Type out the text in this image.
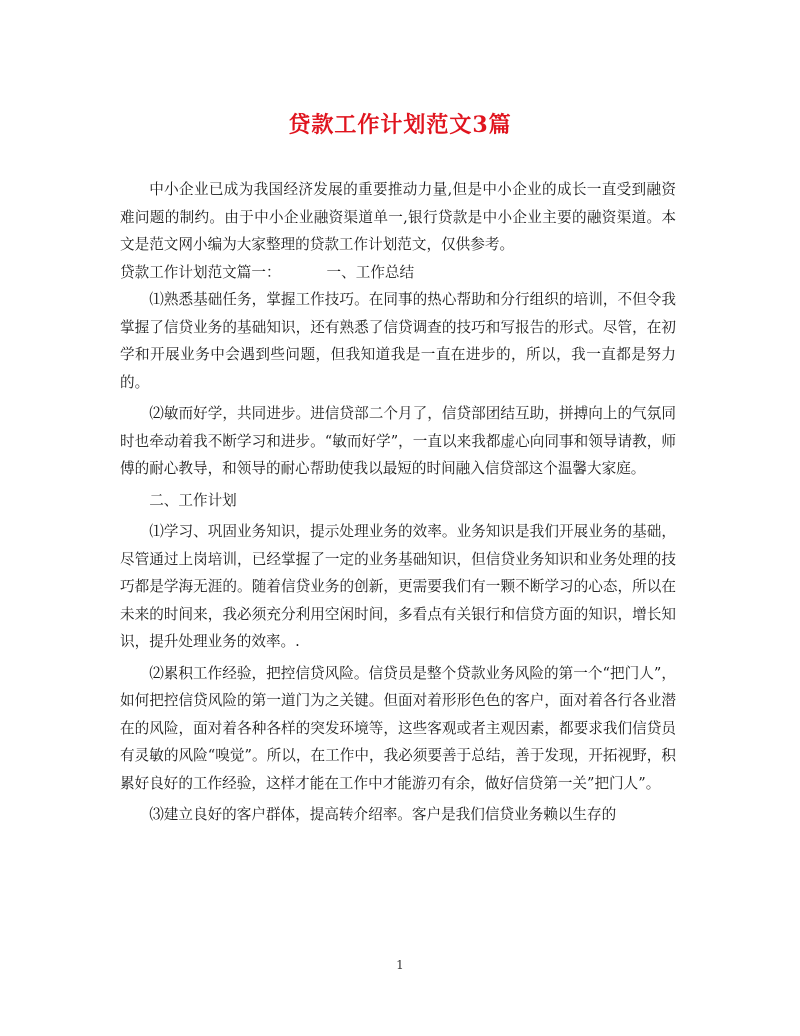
贷款工作计划范文3篇

中小企业已成为我国经济发展的重要推动力量,但是中小企业的成长一直受到融资难问题的制约。由于中小企业融资渠道单一,银行贷款是中小企业主要的融资渠道。本文是范文网小编为大家整理的贷款工作计划范文，仅供参考。

贷款工作计划范文篇一：	一、工作总结

⑴熟悉基础任务，掌握工作技巧。在同事的热心帮助和分行组织的培训，不但令我掌握了信贷业务的基础知识，还有熟悉了信贷调查的技巧和写报告的形式。尽管，在初学和开展业务中会遇到些问题，但我知道我是一直在进步的，所以，我一直都是努力的。

⑵敏而好学，共同进步。进信贷部二个月了，信贷部团结互助，拼搏向上的气氛同时也牵动着我不断学习和进步。“敏而好学”，一直以来我都虚心向同事和领导请教，师傅的耐心教导，和领导的耐心帮助使我以最短的时间融入信贷部这个温馨大家庭。

二、工作计划

⑴学习、巩固业务知识，提示处理业务的效率。业务知识是我们开展业务的基础，尽管通过上岗培训，已经掌握了一定的业务基础知识，但信贷业务知识和业务处理的技巧都是学海无涯的。随着信贷业务的创新，更需要我们有一颗不断学习的心态，所以在未来的时间来，我必须充分利用空闲时间，多看点有关银行和信贷方面的知识，增长知识，提升处理业务的效率。.

⑵累积工作经验，把控信贷风险。信贷员是整个贷款业务风险的第一个“把门人”，如何把控信贷风险的第一道门为之关键。但面对着形形色色的客户，面对着各行各业潜在的风险，面对着各种各样的突发环境等，这些客观或者主观因素，都要求我们信贷员有灵敏的风险“嗅觉”。所以，在工作中，我必须要善于总结，善于发现，开拓视野，积累好良好的工作经验，这样才能在工作中才能游刃有余，做好信贷第一关”把门人”。

⑶建立良好的客户群体，提高转介绍率。客户是我们信贷业务赖以生存的

1
